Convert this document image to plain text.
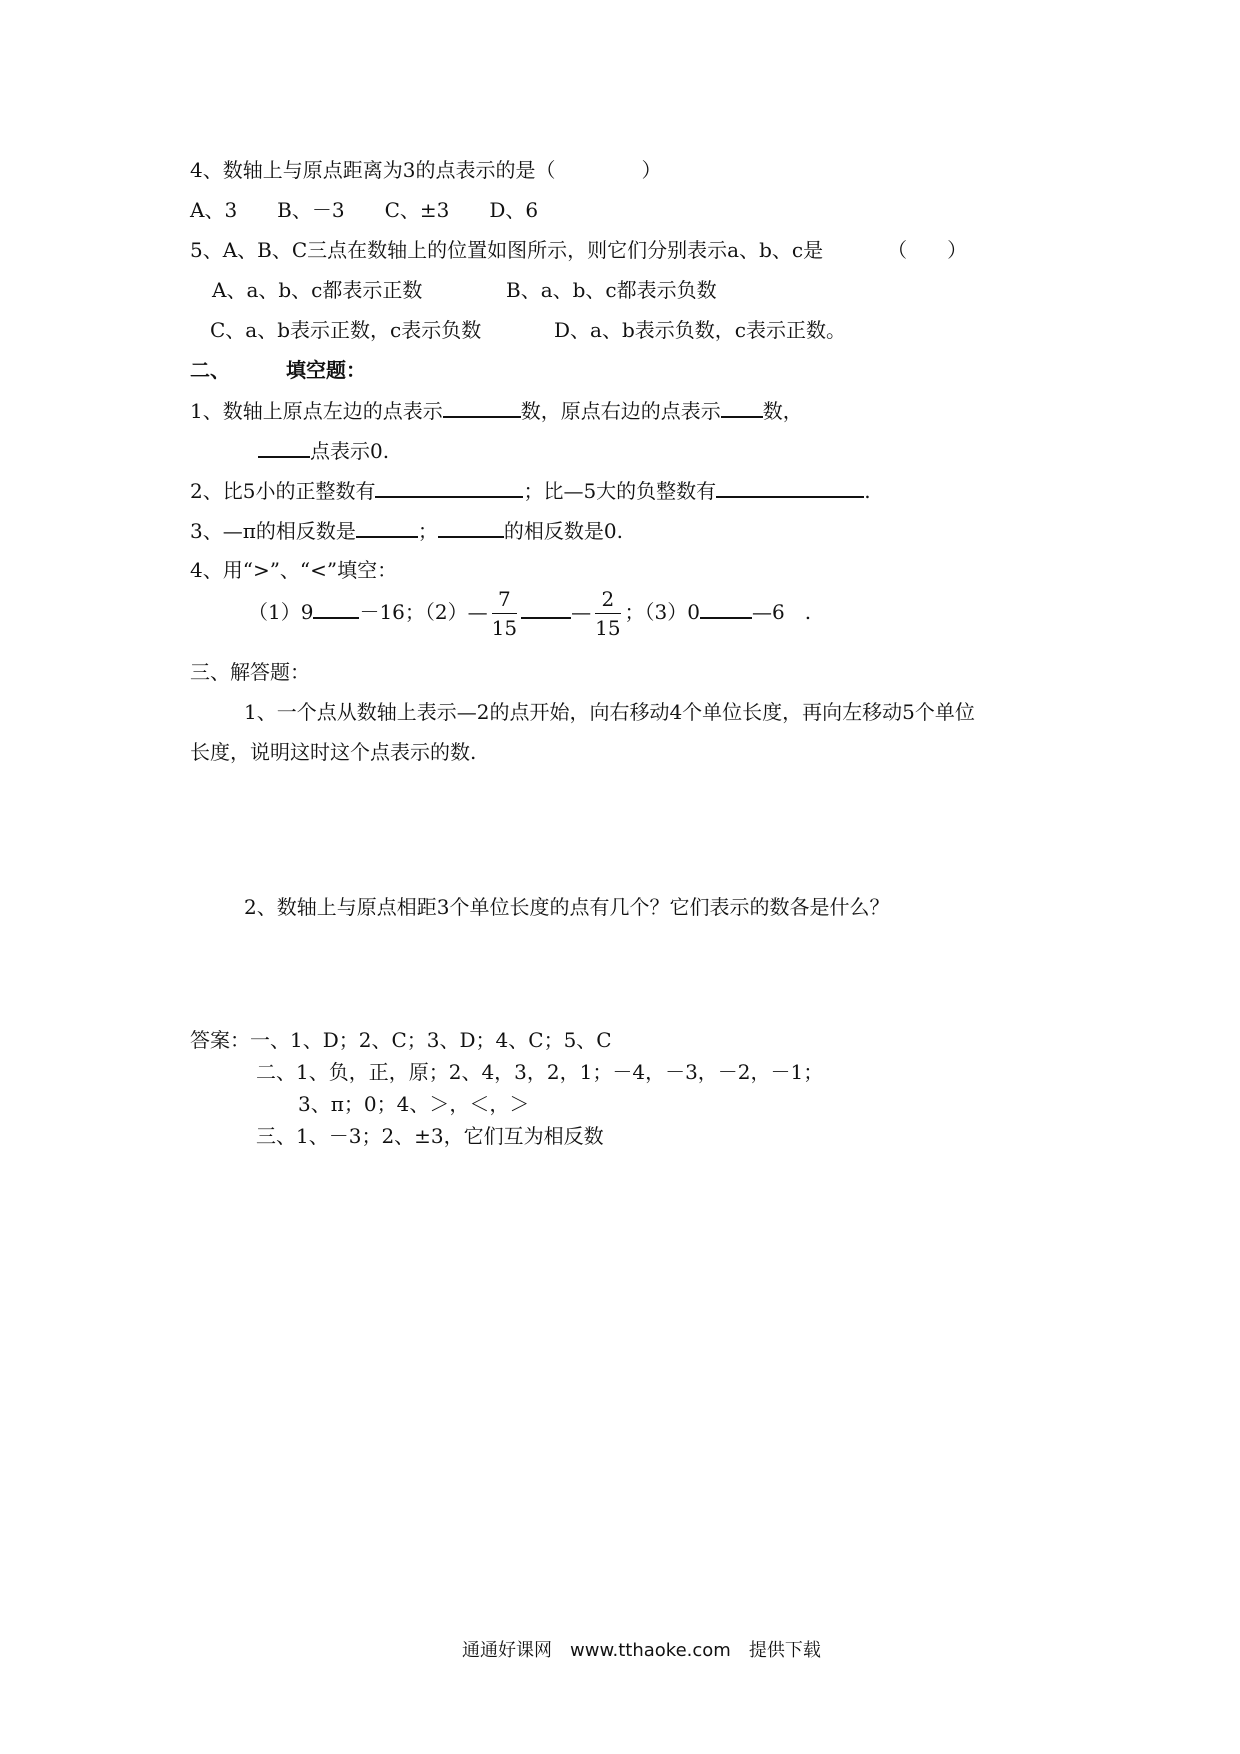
4、数轴上与原点距离为3的点表示的是（	）
A、3　　B、－3　　C、±3　　D、6
5、A、B、C三点在数轴上的位置如图所示，则它们分别表示a、b、c是	（　　）
A、a、b、c都表示正数	B、a、b、c都表示负数
C、a、b表示正数，c表示负数	D、a、b表示负数，c表示正数。
二、	填空题：
1、数轴上原点左边的点表示	数，原点右边的点表示 数，
点表示0.
2、比5小的正整数有	；比—5大的负整数有	.
3、—π的相反数是	；	的相反数是0.
4、用“>”、“<”填空：
（1）9 －16；（2）— $\frac{7}{15}$	— $\frac{2}{15}$ ；（3）0	—6　.
三、解答题：
1、一个点从数轴上表示—2的点开始，向右移动4个单位长度，再向左移动5个单位
长度，说明这时这个点表示的数.
2、数轴上与原点相距3个单位长度的点有几个？它们表示的数各是什么？
答案：一、1、D；2、C；3、D；4、C；5、C
二、1、负，正，原；2、4，3，2，1；－4，－3，－2，－1；
3、π；0；4、＞，＜，＞
三、1、－3；2、±3，它们互为相反数
通通好课网　www.tthaoke.com　提供下载
